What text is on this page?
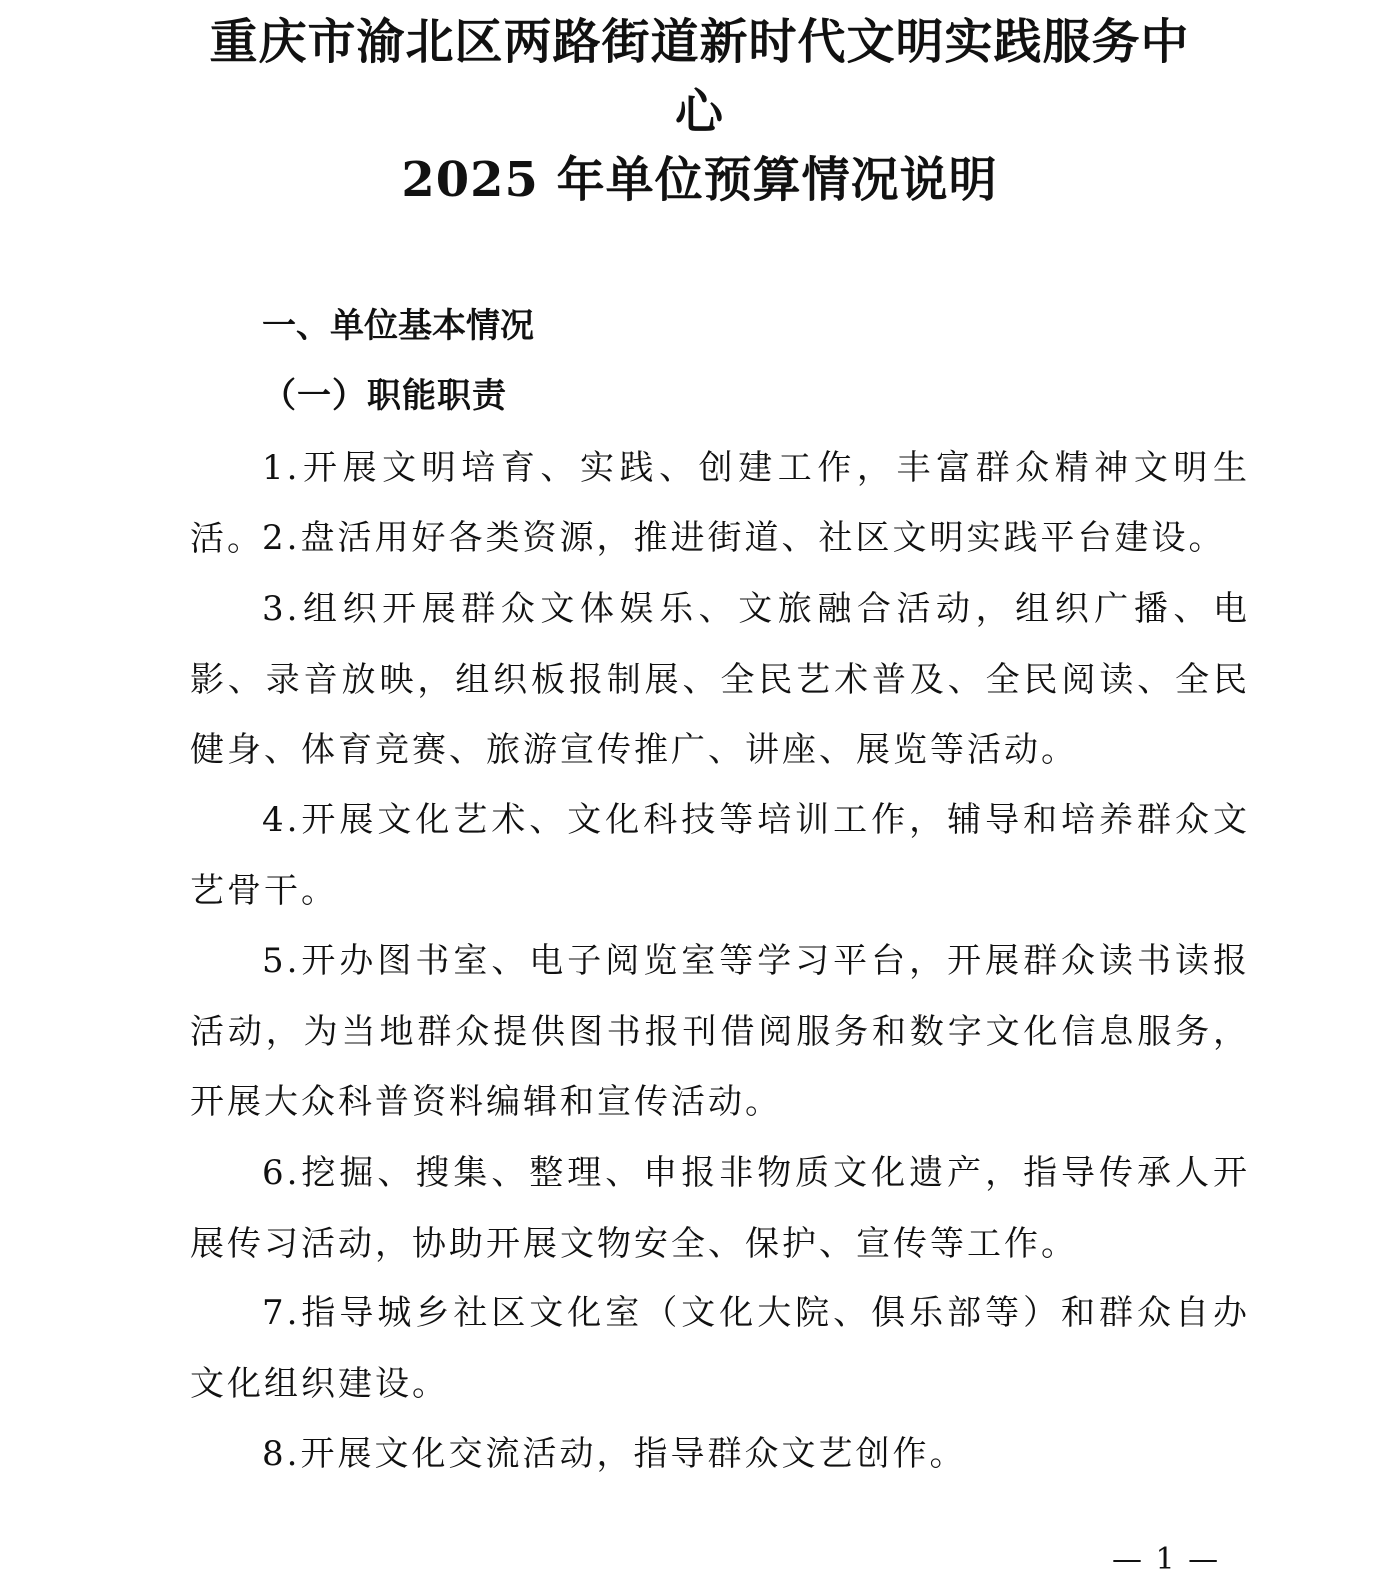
重庆市渝北区两路街道新时代文明实践服务中
心
2025 年单位预算情况说明
一、单位基本情况
（一）职能职责

1.开展文明培育、实践、创建工作，丰富群众精神文明生活。

2.盘活用好各类资源，推进街道、社区文明实践平台建设。

3.组织开展群众文体娱乐、文旅融合活动，组织广播、电影、录音放映，组织板报制展、全民艺术普及、全民阅读、全民健身、体育竞赛、旅游宣传推广、讲座、展览等活动。

4.开展文化艺术、文化科技等培训工作，辅导和培养群众文艺骨干。

5.开办图书室、电子阅览室等学习平台，开展群众读书读报活动，为当地群众提供图书报刊借阅服务和数字文化信息服务，开展大众科普资料编辑和宣传活动。

6.挖掘、搜集、整理、申报非物质文化遗产，指导传承人开展传习活动，协助开展文物安全、保护、宣传等工作。

7.指导城乡社区文化室（文化大院、俱乐部等）和群众自办文化组织建设。

8.开展文化交流活动，指导群众文艺创作。

— 1 —
